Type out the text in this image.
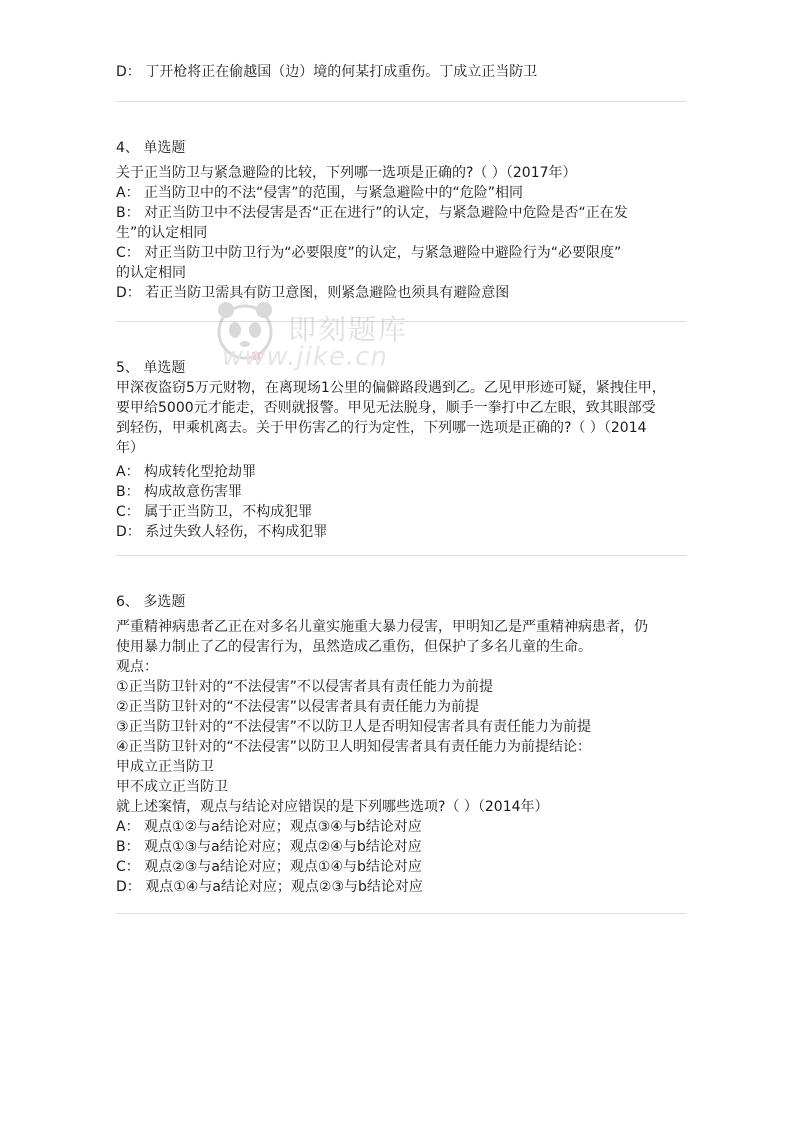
D： 丁开枪将正在偷越国（边）境的何某打成重伤。丁成立正当防卫
4、 单选题
关于正当防卫与紧急避险的比较，下列哪一选项是正确的?（ ）（2017年）
A： 正当防卫中的不法“侵害”的范围，与紧急避险中的“危险”相同
B： 对正当防卫中不法侵害是否“正在进行”的认定，与紧急避险中危险是否“正在发
生”的认定相同
C： 对正当防卫中防卫行为“必要限度”的认定，与紧急避险中避险行为“必要限度”
的认定相同
D： 若正当防卫需具有防卫意图，则紧急避险也须具有避险意图
5、 单选题
甲深夜盗窃5万元财物，在离现场1公里的偏僻路段遇到乙。乙见甲形迹可疑，紧拽住甲，
要甲给5000元才能走，否则就报警。甲见无法脱身，顺手一拳打中乙左眼，致其眼部受
到轻伤，甲乘机离去。关于甲伤害乙的行为定性，下列哪一选项是正确的?（ ）（2014
年）
A： 构成转化型抢劫罪
B： 构成故意伤害罪
C： 属于正当防卫，不构成犯罪
D： 系过失致人轻伤，不构成犯罪
6、 多选题
严重精神病患者乙正在对多名儿童实施重大暴力侵害，甲明知乙是严重精神病患者，仍
使用暴力制止了乙的侵害行为，虽然造成乙重伤，但保护了多名儿童的生命。
观点：
①正当防卫针对的“不法侵害”不以侵害者具有责任能力为前提
②正当防卫针对的“不法侵害”以侵害者具有责任能力为前提
③正当防卫针对的“不法侵害”不以防卫人是否明知侵害者具有责任能力为前提
④正当防卫针对的“不法侵害”以防卫人明知侵害者具有责任能力为前提结论：
甲成立正当防卫
甲不成立正当防卫
就上述案情，观点与结论对应错误的是下列哪些选项?（ ）（2014年）
A： 观点①②与a结论对应；观点③④与b结论对应
B： 观点①③与a结论对应；观点②④与b结论对应
C： 观点②③与a结论对应；观点①④与b结论对应
D： 观点①④与a结论对应；观点②③与b结论对应
即刻题库
www.jike.cn
